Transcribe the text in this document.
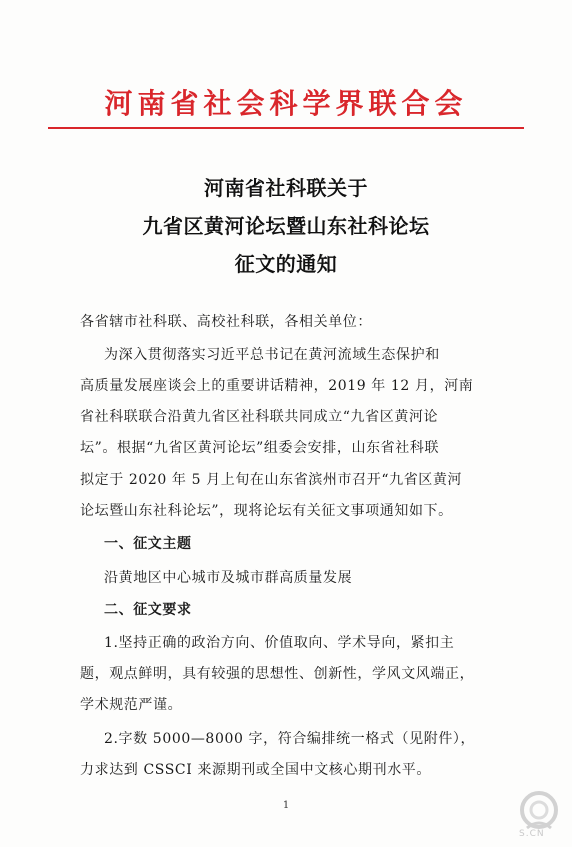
河南省社会科学界联合会
河南省社科联关于
九省区黄河论坛暨山东社科论坛
征文的通知
各省辖市社科联、高校社科联，各相关单位：
为深入贯彻落实习近平总书记在黄河流域生态保护和
高质量发展座谈会上的重要讲话精神，2019 年 12 月，河南
省社科联联合沿黄九省区社科联共同成立“九省区黄河论
坛”。根据“九省区黄河论坛”组委会安排，山东省社科联
拟定于 2020 年 5 月上旬在山东省滨州市召开“九省区黄河
论坛暨山东社科论坛”，现将论坛有关征文事项通知如下。
一、征文主题
沿黄地区中心城市及城市群高质量发展
二、征文要求
1.坚持正确的政治方向、价值取向、学术导向，紧扣主
题，观点鲜明，具有较强的思想性、创新性，学风文风端正，
学术规范严谨。
2.字数 5000—8000 字，符合编排统一格式（见附件），
力求达到 CSSCI 来源期刊或全国中文核心期刊水平。
1
S.CN
